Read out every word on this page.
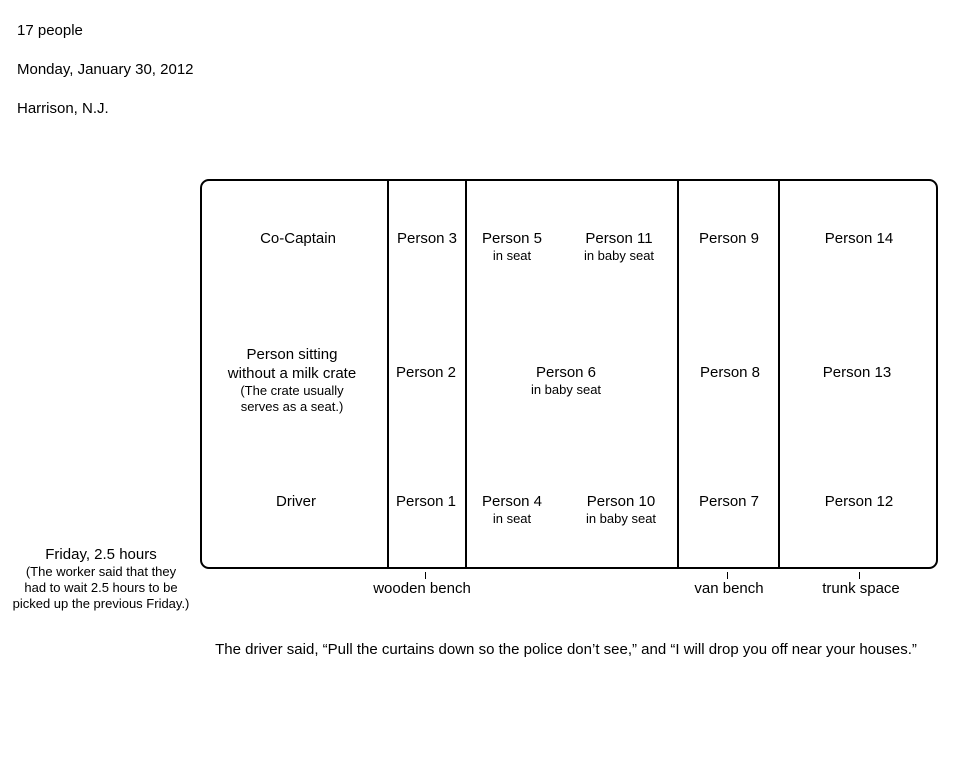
17 people
Monday, January 30, 2012
Harrison, N.J.
Co-Captain
Person sitting
without a milk crate
(The crate usually
serves as a seat.)
Driver
Person 3
Person 2
Person 1
Person 5
in seat
Person 11
in baby seat
Person 6
in baby seat
Person 4
in seat
Person 10
in baby seat
Person 9
Person 8
Person 7
Person 14
Person 13
Person 12
wooden bench	van bench	trunk space
Friday, 2.5 hours
(The worker said that they
had to wait 2.5 hours to be
picked up the previous Friday.)
The driver said, “Pull the curtains down so the police don’t see,” and “I will drop you off near your houses.”
